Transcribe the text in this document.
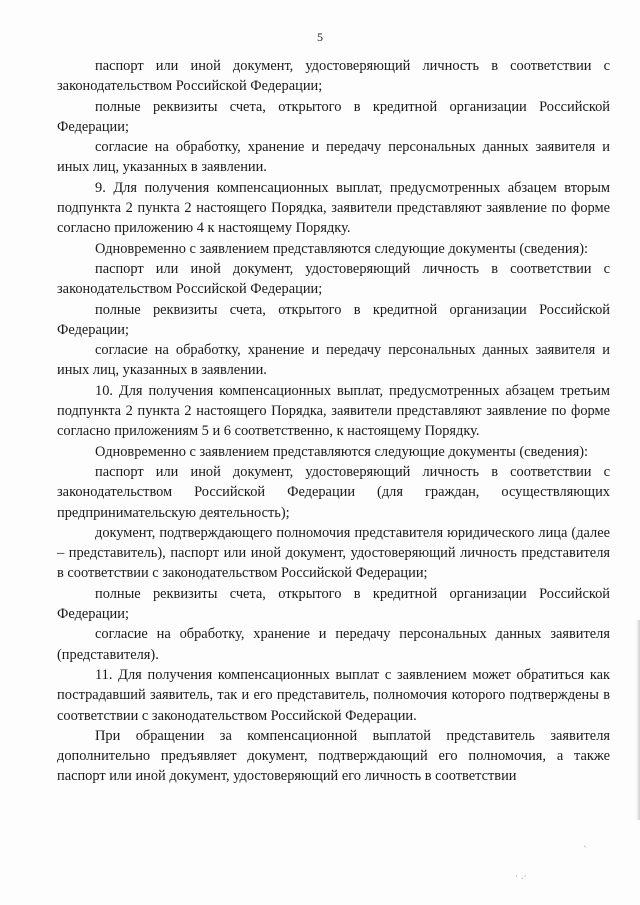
5

паспорт или иной документ, удостоверяющий личность в соответствии с законодательством Российской Федерации;

полные реквизиты счета, открытого в кредитной организации Российской Федерации;

согласие на обработку, хранение и передачу персональных данных заявителя и иных лиц, указанных в заявлении.

9. Для получения компенсационных выплат, предусмотренных абзацем вторым подпункта 2 пункта 2 настоящего Порядка, заявители представляют заявление по форме согласно приложению 4 к настоящему Порядку.

Одновременно с заявлением представляются следующие документы (сведения):

паспорт или иной документ, удостоверяющий личность в соответствии с законодательством Российской Федерации;

полные реквизиты счета, открытого в кредитной организации Российской Федерации;

согласие на обработку, хранение и передачу персональных данных заявителя и иных лиц, указанных в заявлении.

10. Для получения компенсационных выплат, предусмотренных абзацем третьим подпункта 2 пункта 2 настоящего Порядка, заявители представляют заявление по форме согласно приложениям 5 и 6 соответственно, к настоящему Порядку.

Одновременно с заявлением представляются следующие документы (сведения):

паспорт или иной документ, удостоверяющий личность в соответствии с законодательством Российской Федерации (для граждан, осуществляющих предпринимательскую деятельность);

документ, подтверждающего полномочия представителя юридического лица (далее – представитель), паспорт или иной документ, удостоверяющий личность представителя в соответствии с законодательством Российской Федерации;

полные реквизиты счета, открытого в кредитной организации Российской Федерации;

согласие на обработку, хранение и передачу персональных данных заявителя (представителя).

11. Для получения компенсационных выплат с заявлением может обратиться как пострадавший заявитель, так и его представитель, полномочия которого подтверждены в соответствии с законодательством Российской Федерации.

При обращении за компенсационной выплатой представитель заявителя дополнительно предъявляет документ, подтверждающий его полномочия, а также паспорт или иной документ, удостоверяющий его личность в соответствии

`
· .·
